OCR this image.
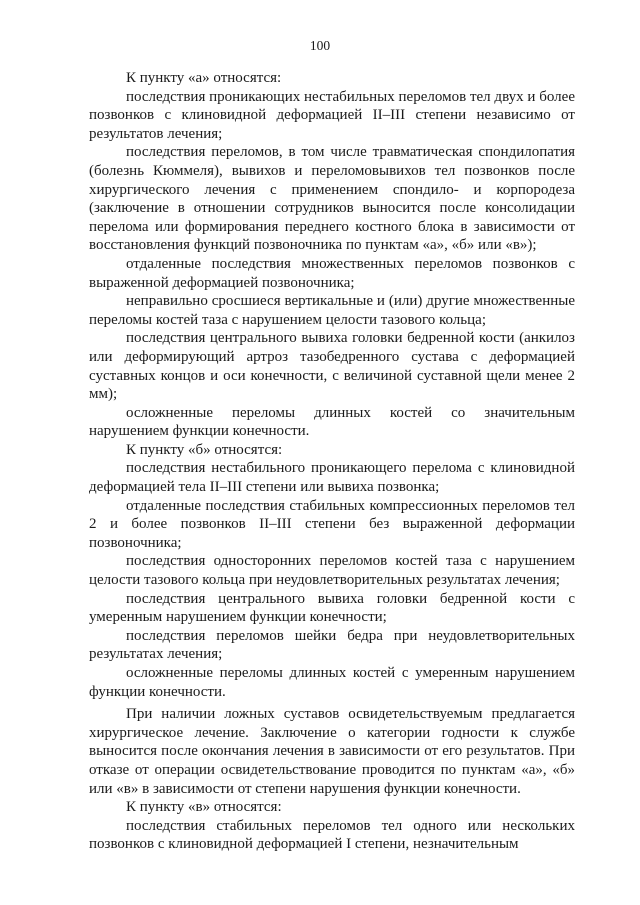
100

К пункту «а» относятся:

последствия проникающих нестабильных переломов тел двух и более позвонков с клиновидной деформацией II–III степени независимо от результатов лечения;

последствия переломов, в том числе травматическая спондилопатия (болезнь Кюммеля), вывихов и переломовывихов тел позвонков после хирургического лечения с применением спондило- и корпородеза (заключение в отношении сотрудников выносится после консолидации перелома или формирования переднего костного блока в зависимости от восстановления функций позвоночника по пунктам «а», «б» или «в»);

отдаленные последствия множественных переломов позвонков с выраженной деформацией позвоночника;

неправильно сросшиеся вертикальные и (или) другие множественные переломы костей таза с нарушением целости тазового кольца;

последствия центрального вывиха головки бедренной кости (анкилоз или деформирующий артроз тазобедренного сустава с деформацией суставных концов и оси конечности, с величиной суставной щели менее 2 мм);

осложненные переломы длинных костей со значительным нарушением функции конечности.

К пункту «б» относятся:

последствия нестабильного проникающего перелома с клиновидной деформацией тела II–III степени или вывиха позвонка;

отдаленные последствия стабильных компрессионных переломов тел 2 и более позвонков II–III степени без выраженной деформации позвоночника;

последствия односторонних переломов костей таза с нарушением целости тазового кольца при неудовлетворительных результатах лечения;

последствия центрального вывиха головки бедренной кости с умеренным нарушением функции конечности;

последствия переломов шейки бедра при неудовлетворительных результатах лечения;

осложненные переломы длинных костей с умеренным нарушением функции конечности.

При наличии ложных суставов освидетельствуемым предлагается хирургическое лечение. Заключение о категории годности к службе выносится после окончания лечения в зависимости от его результатов. При отказе от операции освидетельствование проводится по пунктам «а», «б» или «в» в зависимости от степени нарушения функции конечности.

К пункту «в» относятся:

последствия стабильных переломов тел одного или нескольких позвонков с клиновидной деформацией I степени, незначительным
